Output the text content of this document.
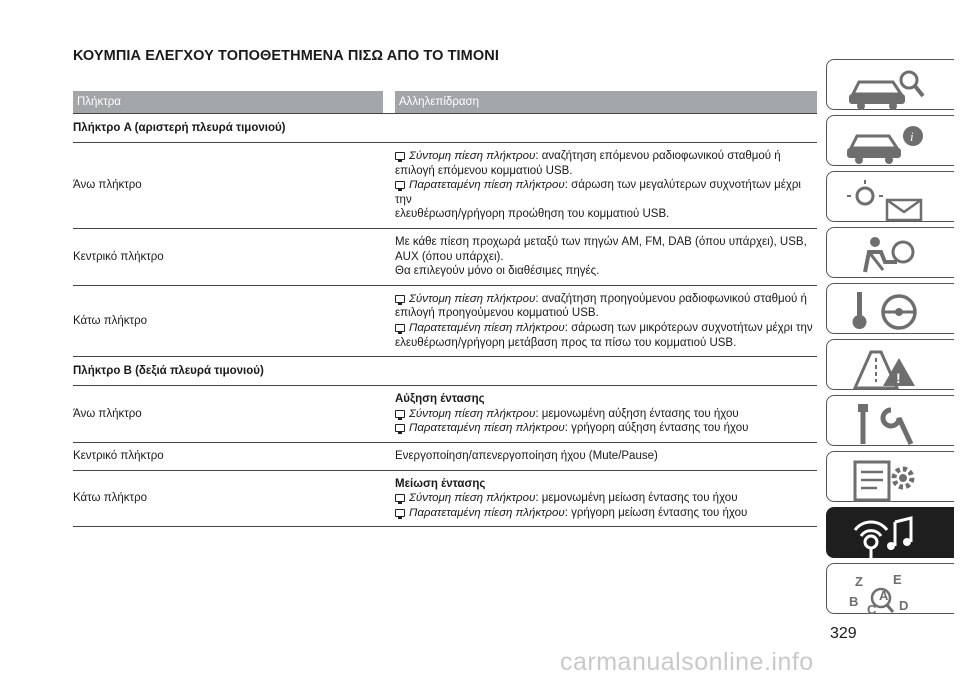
ΚΟΥΜΠΙΑ ΕΛΕΓΧΟΥ ΤΟΠΟΘΕΤΗΜΕΝΑ ΠΙΣΩ ΑΠΟ ΤΟ ΤΙΜΟΝΙ
Πλήκτρα	Αλληλεπίδραση
Πλήκτρο A (αριστερή πλευρά τιμονιού)
Άνω πλήκτρο
Σύντομη πίεση πλήκτρου: αναζήτηση επόμενου ραδιοφωνικού σταθμού ή
επιλογή επόμενου κομματιού USB.
Παρατεταμένη πίεση πλήκτρου: σάρωση των μεγαλύτερων συχνοτήτων μέχρι την
ελευθέρωση/γρήγορη προώθηση του κομματιού USB.
Κεντρικό πλήκτρο
Με κάθε πίεση προχωρά μεταξύ των πηγών AM, FM, DAB (όπου υπάρχει), USB,
AUX (όπου υπάρχει).
Θα επιλεγούν μόνο οι διαθέσιμες πηγές.
Κάτω πλήκτρο
Σύντομη πίεση πλήκτρου: αναζήτηση προηγούμενου ραδιοφωνικού σταθμού ή
επιλογή προηγούμενου κομματιού USB.
Παρατεταμένη πίεση πλήκτρου: σάρωση των μικρότερων συχνοτήτων μέχρι την
ελευθέρωση/γρήγορη μετάβαση προς τα πίσω του κομματιού USB.
Πλήκτρο B (δεξιά πλευρά τιμονιού)
Άνω πλήκτρο
Αύξηση έντασης
Σύντομη πίεση πλήκτρου: μεμονωμένη αύξηση έντασης του ήχου
Παρατεταμένη πίεση πλήκτρου: γρήγορη αύξηση έντασης του ήχου
Κεντρικό πλήκτρο	Ενεργοποίηση/απενεργοποίηση ήχου (Mute/Pause)
Κάτω πλήκτρο
Μείωση έντασης
Σύντομη πίεση πλήκτρου: μεμονωμένη μείωση έντασης του ήχου
Παρατεταμένη πίεση πλήκτρου: γρήγορη μείωση έντασης του ήχου
i
!
Z E
B A
C D
329
carmanualsonline.info
